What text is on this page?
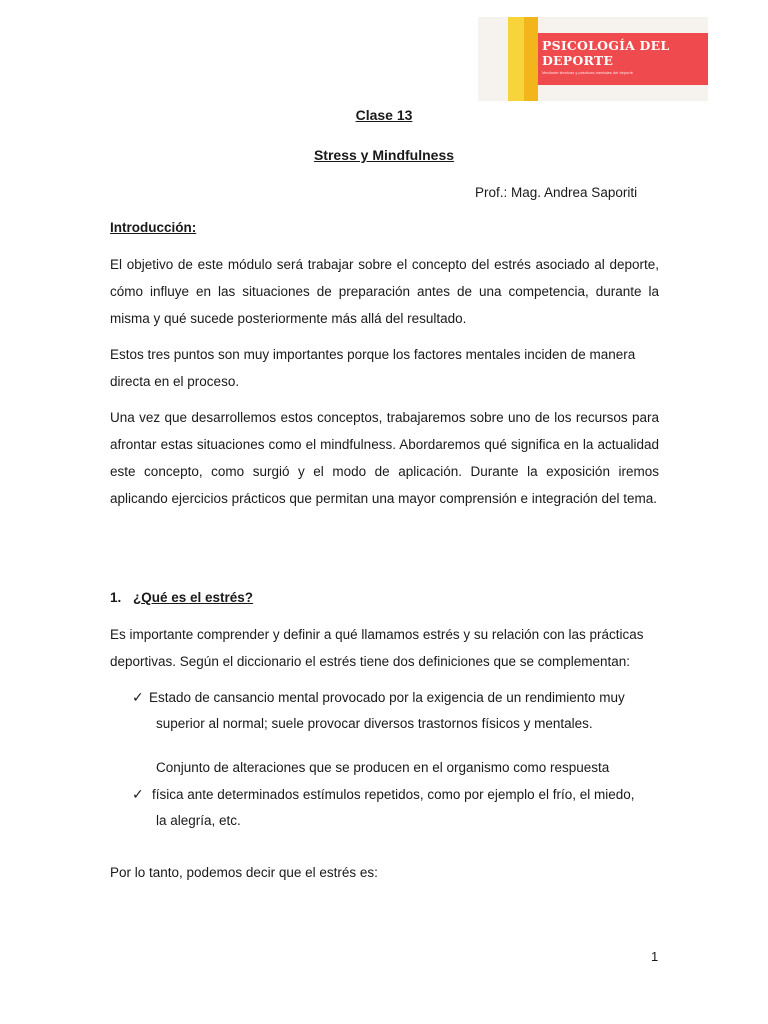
PSICOLOGÍA DEL
DEPORTE
Mediante técnicas y prácticas mentales del deporte
Clase 13
Stress y Mindfulness
Prof.: Mag. Andrea Saporiti
Introducción:
El objetivo de este módulo será trabajar sobre el concepto del estrés asociado al deporte, cómo influye en las situaciones de preparación antes de una competencia, durante la misma y qué sucede posteriormente más allá del resultado.
Estos tres puntos son muy importantes porque los factores mentales inciden de manera directa en el proceso.
Una vez que desarrollemos estos conceptos, trabajaremos sobre uno de los recursos para afrontar estas situaciones como el mindfulness. Abordaremos qué significa en la actualidad este concepto, como surgió y el modo de aplicación. Durante la exposición iremos aplicando ejercicios prácticos que permitan una mayor comprensión e integración del tema.
1. ¿Qué es el estrés?
Es importante comprender y definir a qué llamamos estrés y su relación con las prácticas deportivas. Según el diccionario el estrés tiene dos definiciones que se complementan:
✓ Estado de cansancio mental provocado por la exigencia de un rendimiento muy
superior al normal; suele provocar diversos trastornos físicos y mentales.
Conjunto de alteraciones que se producen en el organismo como respuesta
✓ física ante determinados estímulos repetidos, como por ejemplo el frío, el miedo,
la alegría, etc.
Por lo tanto, podemos decir que el estrés es:
1
